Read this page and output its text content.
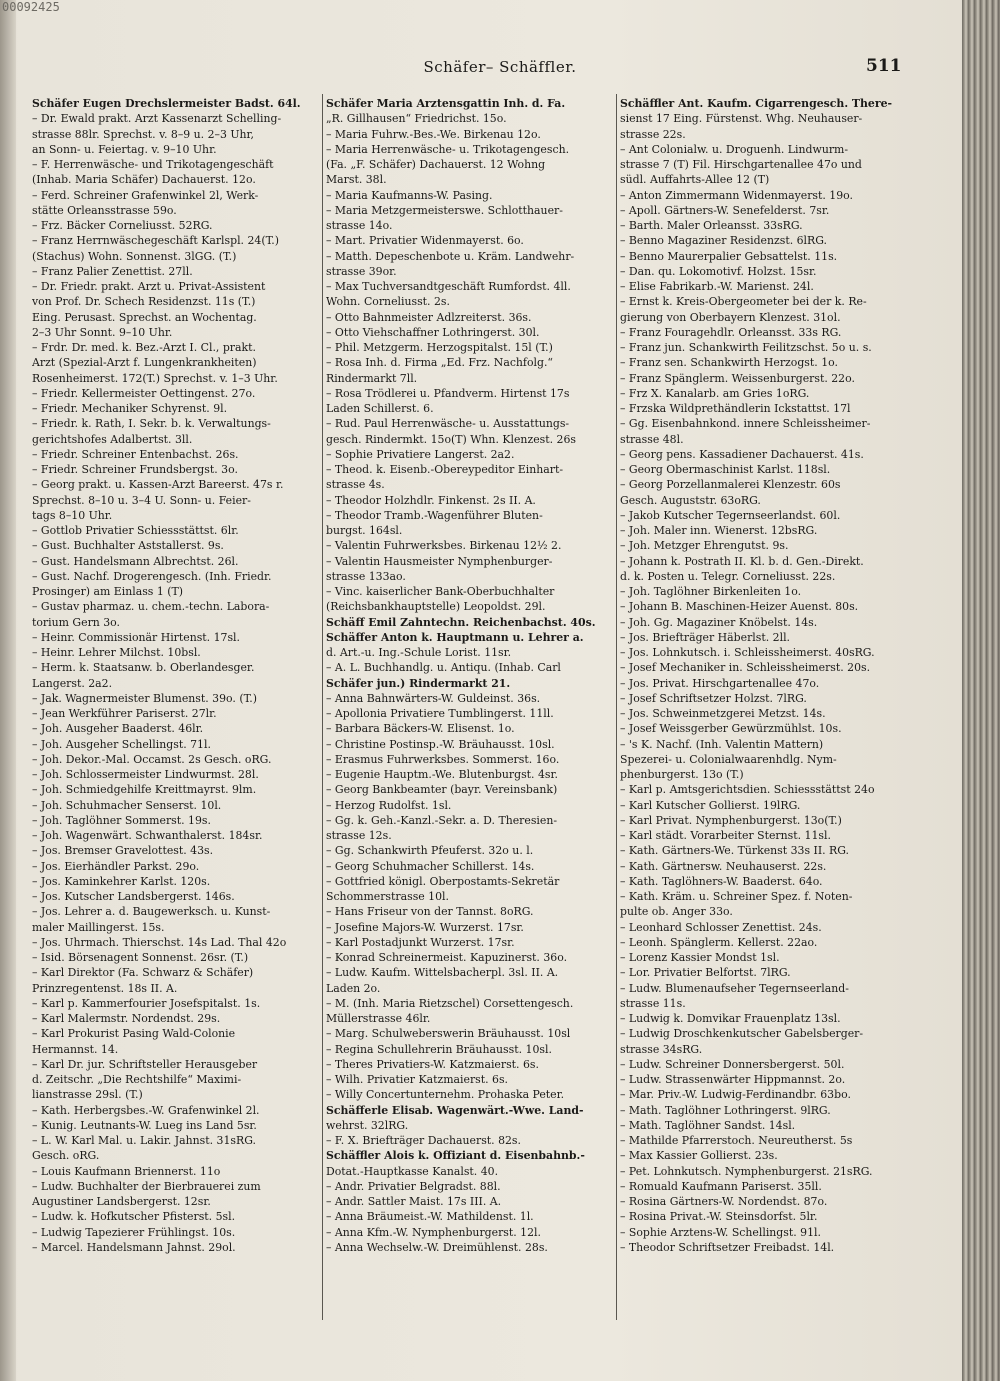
00092425
Schäfer– Schäffler.	511
Schäfer Eugen Drechslermeister Badst. 64l.
– Dr. Ewald prakt. Arzt Kassenarzt Schelling-
strasse 88lr. Sprechst. v. 8–9 u. 2–3 Uhr,
an Sonn- u. Feiertag. v. 9–10 Uhr.
– F. Herrenwäsche- und Trikotagengeschäft
(Inhab. Maria Schäfer) Dachauerst. 12o.
– Ferd. Schreiner Grafenwinkel 2l, Werk-
stätte Orleansstrasse 59o.
– Frz. Bäcker Corneliusst. 52RG.
– Franz Herrnwäschegeschäft Karlspl. 24(T.)
(Stachus) Wohn. Sonnenst. 3lGG. (T.)
– Franz Palier Zenettist. 27ll.
– Dr. Friedr. prakt. Arzt u. Privat-Assistent
von Prof. Dr. Schech Residenzst. 11s (T.)
Eing. Perusast. Sprechst. an Wochentag.
2–3 Uhr Sonnt. 9–10 Uhr.
– Frdr. Dr. med. k. Bez.-Arzt I. Cl., prakt.
Arzt (Spezial-Arzt f. Lungenkrankheiten)
Rosenheimerst. 172(T.) Sprechst. v. 1–3 Uhr.
– Friedr. Kellermeister Oettingenst. 27o.
– Friedr. Mechaniker Schyrenst. 9l.
– Friedr. k. Rath, I. Sekr. b. k. Verwaltungs-
gerichtshofes Adalbertst. 3ll.
– Friedr. Schreiner Entenbachst. 26s.
– Friedr. Schreiner Frundsbergst. 3o.
– Georg prakt. u. Kassen-Arzt Bareerst. 47s r.
Sprechst. 8–10 u. 3–4 U. Sonn- u. Feier-
tags 8–10 Uhr.
– Gottlob Privatier Schiessstättst. 6lr.
– Gust. Buchhalter Aststallerst. 9s.
– Gust. Handelsmann Albrechtst. 26l.
– Gust. Nachf. Drogerengesch. (Inh. Friedr.
Prosinger) am Einlass 1 (T)
– Gustav pharmaz. u. chem.-techn. Labora-
torium Gern 3o.
– Heinr. Commissionär Hirtenst. 17sl.
– Heinr. Lehrer Milchst. 10bsl.
– Herm. k. Staatsanw. b. Oberlandesger.
Langerst. 2a2.
– Jak. Wagnermeister Blumenst. 39o. (T.)
– Jean Werkführer Pariserst. 27lr.
– Joh. Ausgeher Baaderst. 46lr.
– Joh. Ausgeher Schellingst. 71l.
– Joh. Dekor.-Mal. Occamst. 2s Gesch. oRG.
– Joh. Schlossermeister Lindwurmst. 28l.
– Joh. Schmiedgehilfe Kreittmayrst. 9lm.
– Joh. Schuhmacher Senserst. 10l.
– Joh. Taglöhner Sommerst. 19s.
– Joh. Wagenwärt. Schwanthalerst. 184sr.
– Jos. Bremser Gravelottest. 43s.
– Jos. Eierhändler Parkst. 29o.
– Jos. Kaminkehrer Karlst. 120s.
– Jos. Kutscher Landsbergerst. 146s.
– Jos. Lehrer a. d. Baugewerksch. u. Kunst-
maler Maillingerst. 15s.
– Jos. Uhrmach. Thierschst. 14s Lad. Thal 42o
– Isid. Börsenagent Sonnenst. 26sr. (T.)
– Karl Direktor (Fa. Schwarz & Schäfer)
Prinzregentenst. 18s II. A.
– Karl p. Kammerfourier Josefspitalst. 1s.
– Karl Malermstr. Nordendst. 29s.
– Karl Prokurist Pasing Wald-Colonie
Hermannst. 14.
– Karl Dr. jur. Schriftsteller Herausgeber
d. Zeitschr. „Die Rechtshilfe“ Maximi-
lianstrasse 29sl. (T.)
– Kath. Herbergsbes.-W. Grafenwinkel 2l.
– Kunig. Leutnants-W. Lueg ins Land 5sr.
– L. W. Karl Mal. u. Lakir. Jahnst. 31sRG.
Gesch. oRG.
– Louis Kaufmann Briennerst. 11o
– Ludw. Buchhalter der Bierbrauerei zum
Augustiner Landsbergerst. 12sr.
– Ludw. k. Hofkutscher Pfisterst. 5sl.
– Ludwig Tapezierer Frühlingst. 10s.
– Marcel. Handelsmann Jahnst. 29ol.
Schäfer Maria Arztensgattin Inh. d. Fa.
„R. Gillhausen“ Friedrichst. 15o.
– Maria Fuhrw.-Bes.-We. Birkenau 12o.
– Maria Herrenwäsche- u. Trikotagengesch.
(Fa. „F. Schäfer) Dachauerst. 12 Wohng
Marst. 38l.
– Maria Kaufmanns-W. Pasing.
– Maria Metzgermeisterswe. Schlotthauer-
strasse 14o.
– Mart. Privatier Widenmayerst. 6o.
– Matth. Depeschenbote u. Kräm. Landwehr-
strasse 39or.
– Max Tuchversandtgeschäft Rumfordst. 4ll.
Wohn. Corneliusst. 2s.
– Otto Bahnmeister Adlzreiterst. 36s.
– Otto Viehschaffner Lothringerst. 30l.
– Phil. Metzgerm. Herzogspitalst. 15l (T.)
– Rosa Inh. d. Firma „Ed. Frz. Nachfolg.“
Rindermarkt 7ll.
– Rosa Trödlerei u. Pfandverm. Hirtenst 17s
Laden Schillerst. 6.
– Rud. Paul Herrenwäsche- u. Ausstattungs-
gesch. Rindermkt. 15o(T) Whn. Klenzest. 26s
– Sophie Privatiere Langerst. 2a2.
– Theod. k. Eisenb.-Obereypeditor Einhart-
strasse 4s.
– Theodor Holzhdlr. Finkenst. 2s II. A.
– Theodor Tramb.-Wagenführer Bluten-
burgst. 164sl.
– Valentin Fuhrwerksbes. Birkenau 12½ 2.
– Valentin Hausmeister Nymphenburger-
strasse 133ao.
– Vinc. kaiserlicher Bank-Oberbuchhalter
(Reichsbankhauptstelle) Leopoldst. 29l.
Schäff Emil Zahntechn. Reichenbachst. 40s.
Schäffer Anton k. Hauptmann u. Lehrer a.
d. Art.-u. Ing.-Schule Lorist. 11sr.
– A. L. Buchhandlg. u. Antiqu. (Inhab. Carl
Schäfer jun.) Rindermarkt 21.
– Anna Bahnwärters-W. Guldeinst. 36s.
– Apollonia Privatiere Tumblingerst. 11ll.
– Barbara Bäckers-W. Elisenst. 1o.
– Christine Postinsp.-W. Bräuhausst. 10sl.
– Erasmus Fuhrwerksbes. Sommerst. 16o.
– Eugenie Hauptm.-We. Blutenburgst. 4sr.
– Georg Bankbeamter (bayr. Vereinsbank)
– Herzog Rudolfst. 1sl.
– Gg. k. Geh.-Kanzl.-Sekr. a. D. Theresien-
strasse 12s.
– Gg. Schankwirth Pfeuferst. 32o u. l.
– Georg Schuhmacher Schillerst. 14s.
– Gottfried königl. Oberpostamts-Sekretär
Schommerstrasse 10l.
– Hans Friseur von der Tannst. 8oRG.
– Josefine Majors-W. Wurzerst. 17sr.
– Karl Postadjunkt Wurzerst. 17sr.
– Konrad Schreinermeist. Kapuzinerst. 36o.
– Ludw. Kaufm. Wittelsbacherpl. 3sl. II. A.
Laden 2o.
– M. (Inh. Maria Rietzschel) Corsettengesch.
Müllerstrasse 46lr.
– Marg. Schulweberswerin Bräuhausst. 10sl
– Regina Schullehrerin Bräuhausst. 10sl.
– Theres Privatiers-W. Katzmaierst. 6s.
– Wilh. Privatier Katzmaierst. 6s.
– Willy Concertunternehm. Prohaska Peter.
Schäfferle Elisab. Wagenwärt.-Wwe. Land-
wehrst. 32lRG.
– F. X. Briefträger Dachauerst. 82s.
Schäffler Alois k. Offiziant d. Eisenbahnb.-
Dotat.-Hauptkasse Kanalst. 40.
– Andr. Privatier Belgradst. 88l.
– Andr. Sattler Maist. 17s III. A.
– Anna Bräumeist.-W. Mathildenst. 1l.
– Anna Kfm.-W. Nymphenburgerst. 12l.
– Anna Wechselw.-W. Dreimühlenst. 28s.
Schäffler Ant. Kaufm. Cigarrengesch. There-
sienst 17 Eing. Fürstenst. Whg. Neuhauser-
strasse 22s.
– Ant Colonialw. u. Droguenh. Lindwurm-
strasse 7 (T) Fil. Hirschgartenallee 47o und
südl. Auffahrts-Allee 12 (T)
– Anton Zimmermann Widenmayerst. 19o.
– Apoll. Gärtners-W. Senefelderst. 7sr.
– Barth. Maler Orleansst. 33sRG.
– Benno Magaziner Residenzst. 6lRG.
– Benno Maurerpalier Gebsattelst. 11s.
– Dan. qu. Lokomotivf. Holzst. 15sr.
– Elise Fabrikarb.-W. Marienst. 24l.
– Ernst k. Kreis-Obergeometer bei der k. Re-
gierung von Oberbayern Klenzest. 31ol.
– Franz Fouragehdlr. Orleansst. 33s RG.
– Franz jun. Schankwirth Feilitzschst. 5o u. s.
– Franz sen. Schankwirth Herzogst. 1o.
– Franz Spänglerm. Weissenburgerst. 22o.
– Frz X. Kanalarb. am Gries 1oRG.
– Frzska Wildprethändlerin Ickstattst. 17l
– Gg. Eisenbahnkond. innere Schleissheimer-
strasse 48l.
– Georg pens. Kassadiener Dachauerst. 41s.
– Georg Obermaschinist Karlst. 118sl.
– Georg Porzellanmalerei Klenzestr. 60s
Gesch. Auguststr. 63oRG.
– Jakob Kutscher Tegernseerlandst. 60l.
– Joh. Maler inn. Wienerst. 12bsRG.
– Joh. Metzger Ehrengutst. 9s.
– Johann k. Postrath II. Kl. b. d. Gen.-Direkt.
d. k. Posten u. Telegr. Corneliusst. 22s.
– Joh. Taglöhner Birkenleiten 1o.
– Johann B. Maschinen-Heizer Auenst. 80s.
– Joh. Gg. Magaziner Knöbelst. 14s.
– Jos. Briefträger Häberlst. 2ll.
– Jos. Lohnkutsch. i. Schleissheimerst. 40sRG.
– Josef Mechaniker in. Schleissheimerst. 20s.
– Jos. Privat. Hirschgartenallee 47o.
– Josef Schriftsetzer Holzst. 7lRG.
– Jos. Schweinmetzgerei Metzst. 14s.
– Josef Weissgerber Gewürzmühlst. 10s.
– 's K. Nachf. (Inh. Valentin Mattern)
Spezerei- u. Colonialwaarenhdlg. Nym-
phenburgerst. 13o (T.)
– Karl p. Amtsgerichtsdien. Schiessstättst 24o
– Karl Kutscher Gollierst. 19lRG.
– Karl Privat. Nymphenburgerst. 13o(T.)
– Karl städt. Vorarbeiter Sternst. 11sl.
– Kath. Gärtners-We. Türkenst 33s II. RG.
– Kath. Gärtnersw. Neuhauserst. 22s.
– Kath. Taglöhners-W. Baaderst. 64o.
– Kath. Kräm. u. Schreiner Spez. f. Noten-
pulte ob. Anger 33o.
– Leonhard Schlosser Zenettist. 24s.
– Leonh. Spänglerm. Kellerst. 22ao.
– Lorenz Kassier Mondst 1sl.
– Lor. Privatier Belfortst. 7lRG.
– Ludw. Blumenaufseher Tegernseerland-
strasse 11s.
– Ludwig k. Domvikar Frauenplatz 13sl.
– Ludwig Droschkenkutscher Gabelsberger-
strasse 34sRG.
– Ludw. Schreiner Donnersbergerst. 50l.
– Ludw. Strassenwärter Hippmannst. 2o.
– Mar. Priv.-W. Ludwig-Ferdinandbr. 63bo.
– Math. Taglöhner Lothringerst. 9lRG.
– Math. Taglöhner Sandst. 14sl.
– Mathilde Pfarrerstoch. Neureutherst. 5s
– Max Kassier Gollierst. 23s.
– Pet. Lohnkutsch. Nymphenburgerst. 21sRG.
– Romuald Kaufmann Pariserst. 35ll.
– Rosina Gärtners-W. Nordendst. 87o.
– Rosina Privat.-W. Steinsdorfst. 5lr.
– Sophie Arztens-W. Schellingst. 91l.
– Theodor Schriftsetzer Freibadst. 14l.
